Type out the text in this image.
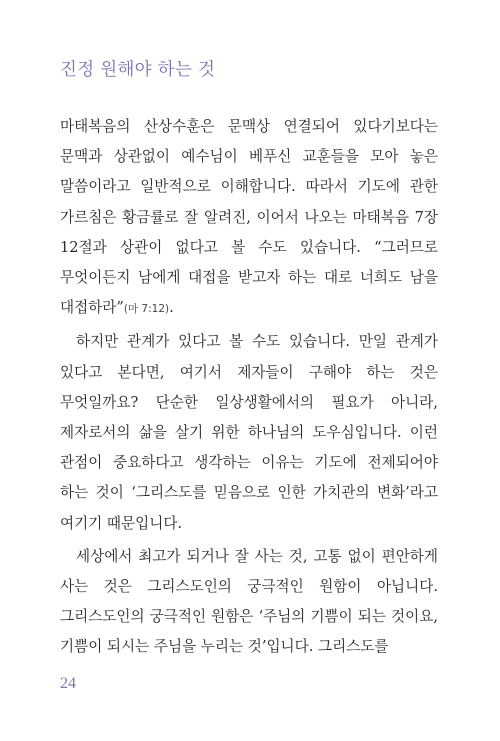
진정 원해야 하는 것

마태복음의 산상수훈은 문맥상 연결되어 있다기보다는 문맥과 상관없이 예수님이 베푸신 교훈들을 모아 놓은 말씀이라고 일반적으로 이해합니다. 따라서 기도에 관한 가르침은 황금률로 잘 알려진, 이어서 나오는 마태복음 7장 12절과 상관이 없다고 볼 수도 있습니다. “그러므로 무엇이든지 남에게 대접을 받고자 하는 대로 너희도 남을 대접하라”(마 7:12).

하지만 관계가 있다고 볼 수도 있습니다. 만일 관계가 있다고 본다면, 여기서 제자들이 구해야 하는 것은 무엇일까요? 단순한 일상생활에서의 필요가 아니라, 제자로서의 삶을 살기 위한 하나님의 도우심입니다. 이런 관점이 중요하다고 생각하는 이유는 기도에 전제되어야 하는 것이 ‘그리스도를 믿음으로 인한 가치관의 변화’라고 여기기 때문입니다.

세상에서 최고가 되거나 잘 사는 것, 고통 없이 편안하게 사는 것은 그리스도인의 궁극적인 원함이 아닙니다. 그리스도인의 궁극적인 원함은 ‘주님의 기쁨이 되는 것이요, 기쁨이 되시는 주님을 누리는 것’입니다. 그리스도를

24
